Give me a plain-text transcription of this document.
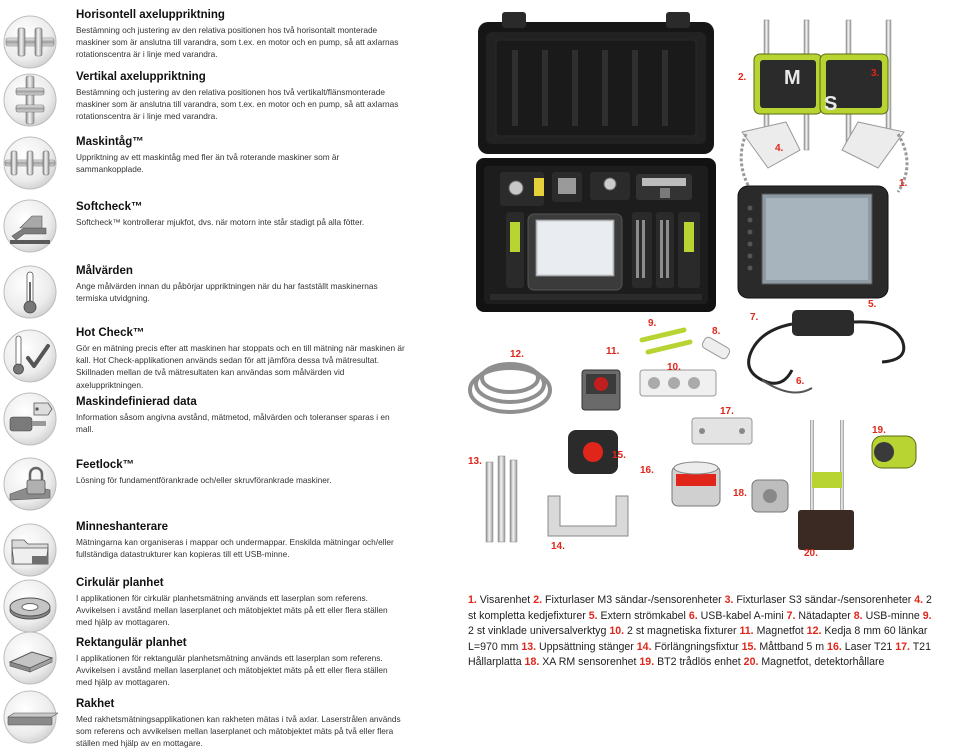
Horisontell axeluppriktning

Bestämning och justering av den relativa positionen hos två horisontalt monterade maskiner som är anslutna till varandra, som t.ex. en motor och en pump, så att axlarnas rotationscentra är i linje med varandra.

Vertikal axeluppriktning

Bestämning och justering av den relativa positionen hos två vertikalt/flänsmonterade maskiner som är anslutna till varandra, som t.ex. en motor och en pump, så att axlarnas rotationscentra är i linje med varandra.

Maskintåg™

Uppriktning av ett maskintåg med fler än två roterande maskiner som är sammankopplade.

Softcheck™

Softcheck™ kontrollerar mjukfot, dvs. när motorn inte står stadigt på alla fötter.

Målvärden

Ange målvärden innan du påbörjar uppriktningen när du har fastställt maskinernas termiska utvidgning.

Hot Check™

Gör en mätning precis efter att maskinen har stoppats och en till mätning när maskinen är kall. Hot Check-applikationen används sedan för att jämföra dessa två mätresultat. Skillnaden mellan de två mätresultaten kan användas som målvärden vid axeluppriktningen.

Maskindefinierad data

Information såsom angivna avstånd, mätmetod, målvärden och toleranser sparas i en mall.

Feetlock™

Lösning för fundamentförankrade och/eller skruvförankrade maskiner.

Minneshanterare

Mätningarna kan organiseras i mappar och undermappar. Enskilda mätningar och/eller fullständiga datastrukturer kan kopieras till ett USB-minne.

Cirkulär planhet

I applikationen för cirkulär planhetsmätning används ett laserplan som referens. Avvikelsen i avstånd mellan laserplanet och mätobjektet mäts på ett eller flera ställen med hjälp av mottagaren.

Rektangulär planhet

I applikationen för rektangulär planhetsmätning används ett laserplan som referens. Avvikelsen i avstånd mellan laserplanet och mätobjektet mäts på ett eller flera ställen med hjälp av mottagaren.

Rakhet

Med rakhetsmätningsapplikationen kan rakheten mätas i två axlar. Laserstrålen används som referens och avvikelsen mellan laserplanet och mätobjektet mäts på två eller flera ställen med hjälp av en mottagare.

M
S
2.	3.
4.
1.
5.
7.
9.
8.
12.	11.
10.
6.
17.
19.
15.
13.
16.
18.
14.
20.
1. Visarenhet 2. Fixturlaser M3 sändar-/sensorenheter 3. Fixturlaser S3 sändar-/sensorenheter 4. 2 st kompletta kedjefixturer 5. Extern strömkabel 6. USB-kabel A-mini 7. Nätadapter 8. USB-minne 9. 2 st vinklade universalverktyg 10. 2 st magnetiska fixturer 11. Magnetfot 12. Kedja 8 mm 60 länkar L=970 mm 13. Uppsättning stänger 14. Förlängningsfixtur 15. Måttband 5 m 16. Laser T21 17. T21 Hållarplatta 18. XA RM sensorenhet 19. BT2 trådlös enhet 20. Magnetfot, detektorhållare
